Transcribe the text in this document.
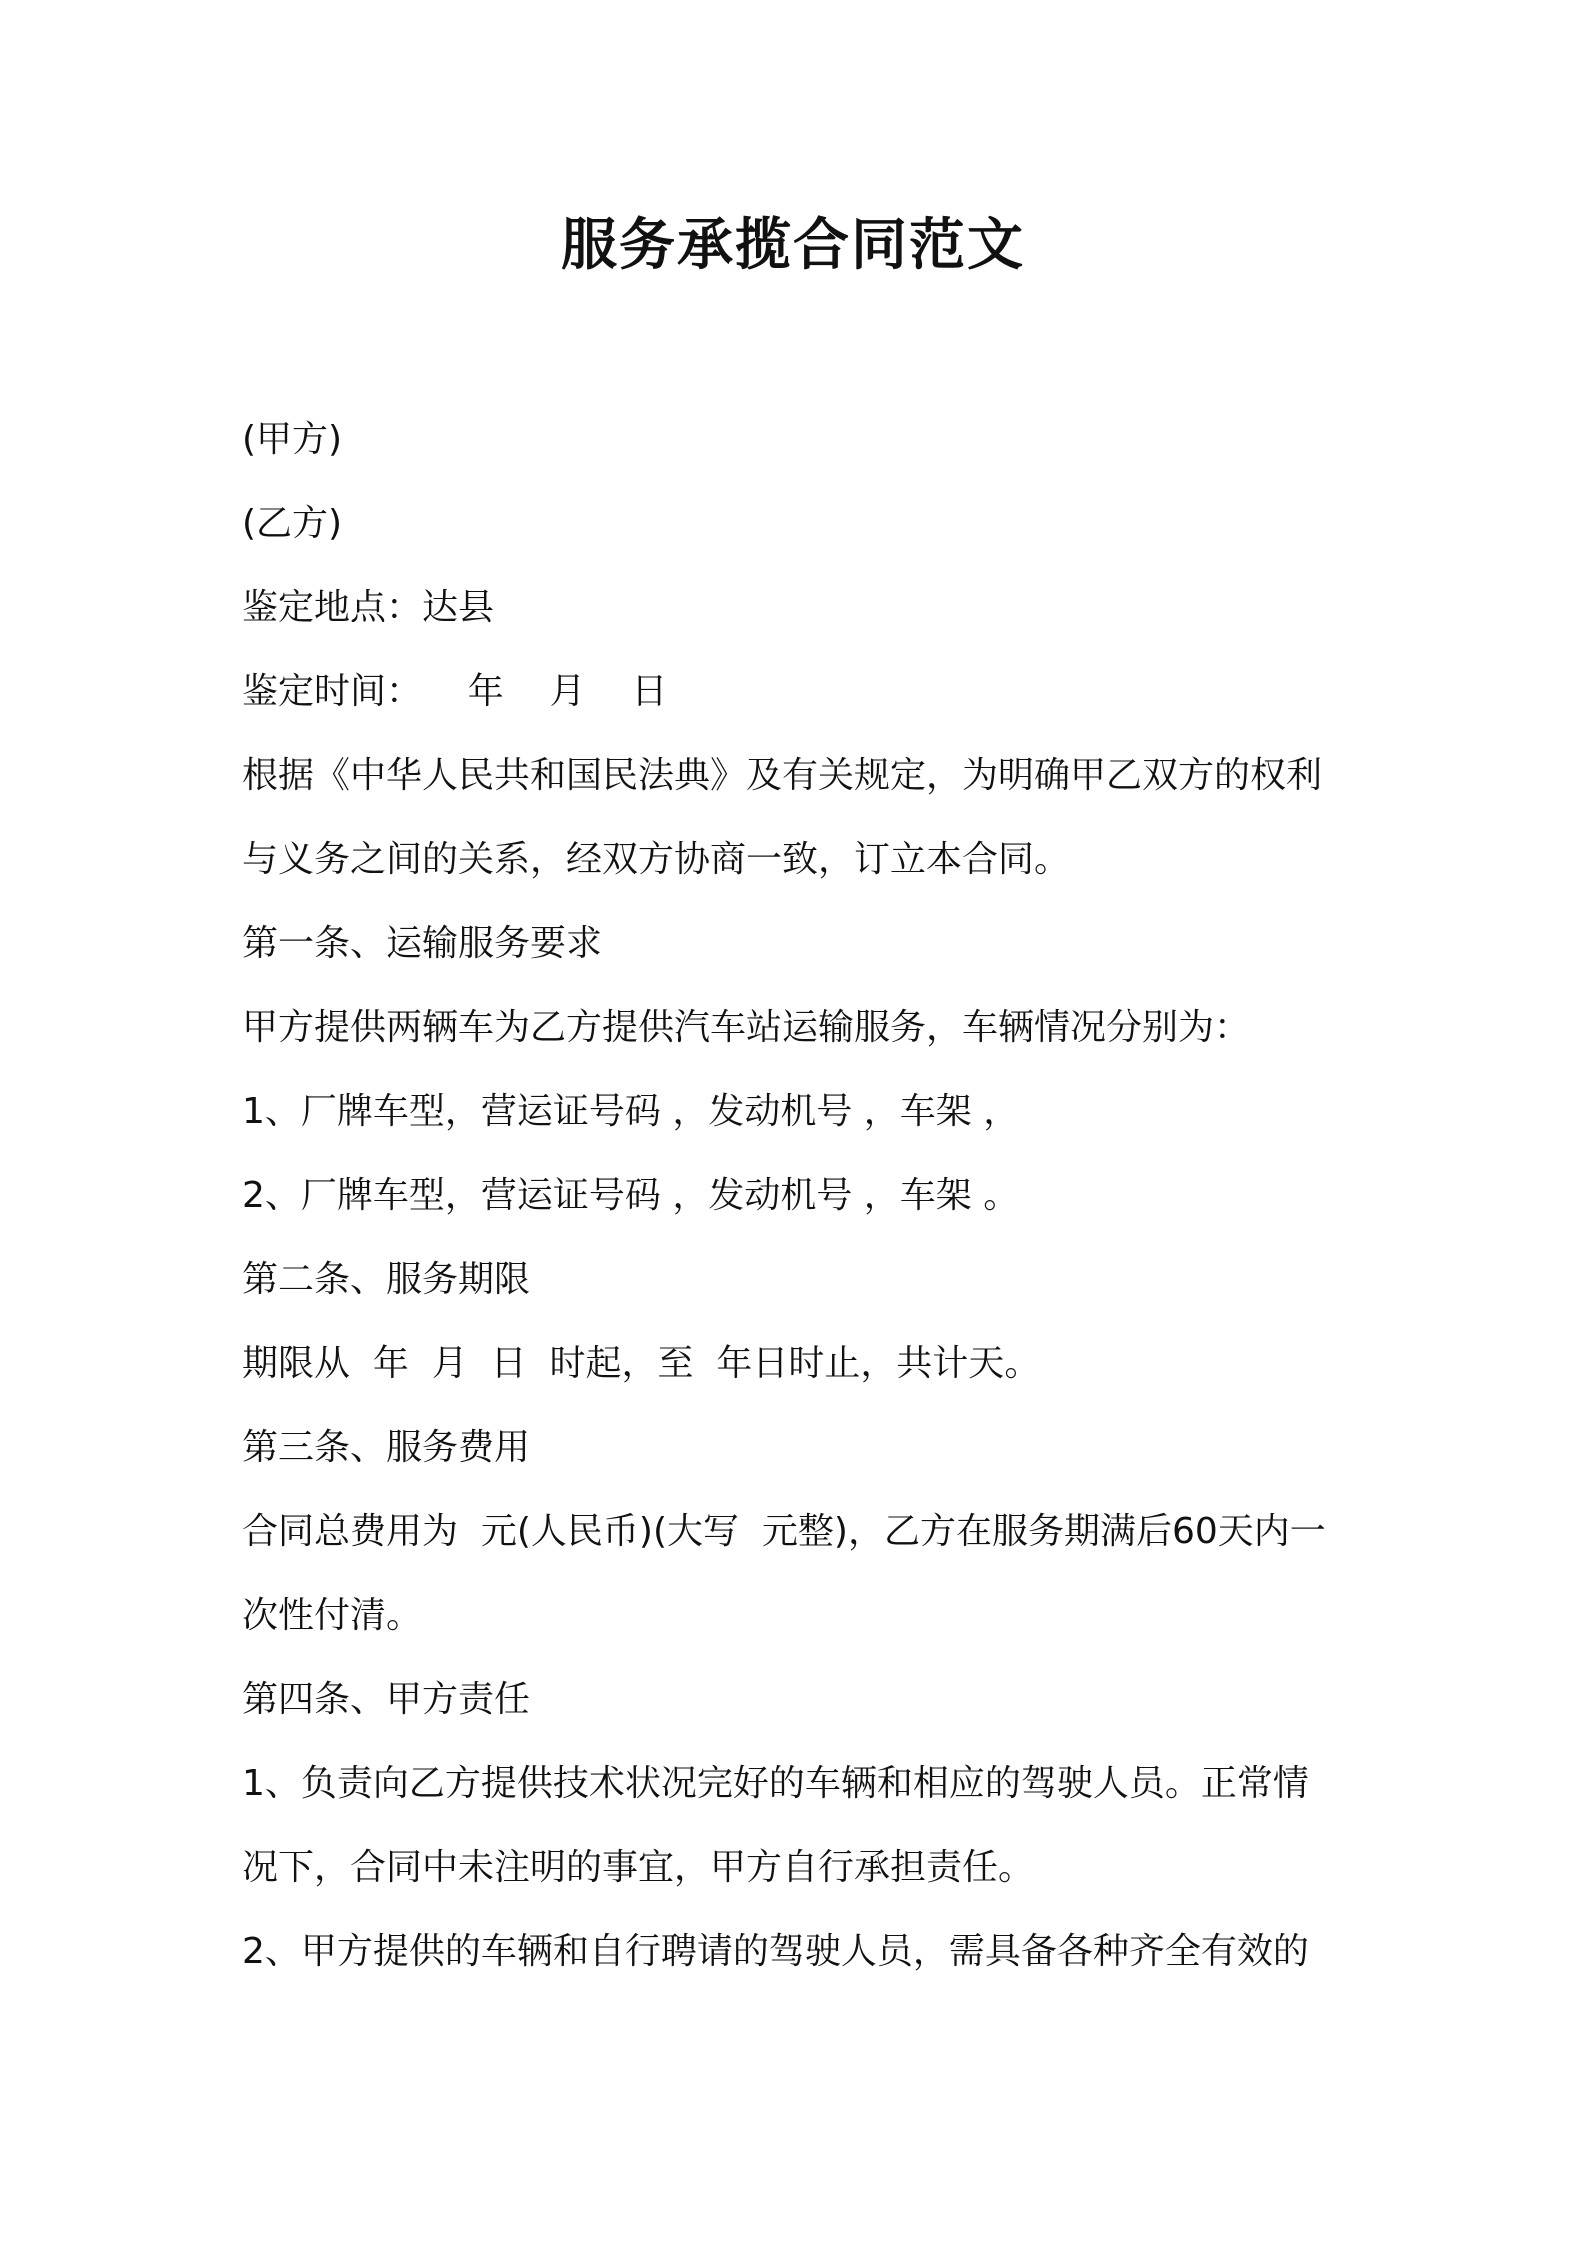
服务承揽合同范文

(甲方)

(乙方)

鉴定地点：达县

鉴定时间：    年    月    日

根据《中华人民共和国民法典》及有关规定，为明确甲乙双方的权利

与义务之间的关系，经双方协商一致，订立本合同。

第一条、运输服务要求

甲方提供两辆车为乙方提供汽车站运输服务，车辆情况分别为：

1、厂牌车型，营运证号码 ，发动机号 ，车架 ，

2、厂牌车型，营运证号码 ，发动机号 ，车架 。

第二条、服务期限

期限从  年  月  日  时起，至  年日时止，共计天。

第三条、服务费用

合同总费用为  元(人民币)(大写  元整)，乙方在服务期满后60天内一

次性付清。

第四条、甲方责任

1、负责向乙方提供技术状况完好的车辆和相应的驾驶人员。正常情

况下，合同中未注明的事宜，甲方自行承担责任。

2、甲方提供的车辆和自行聘请的驾驶人员，需具备各种齐全有效的
